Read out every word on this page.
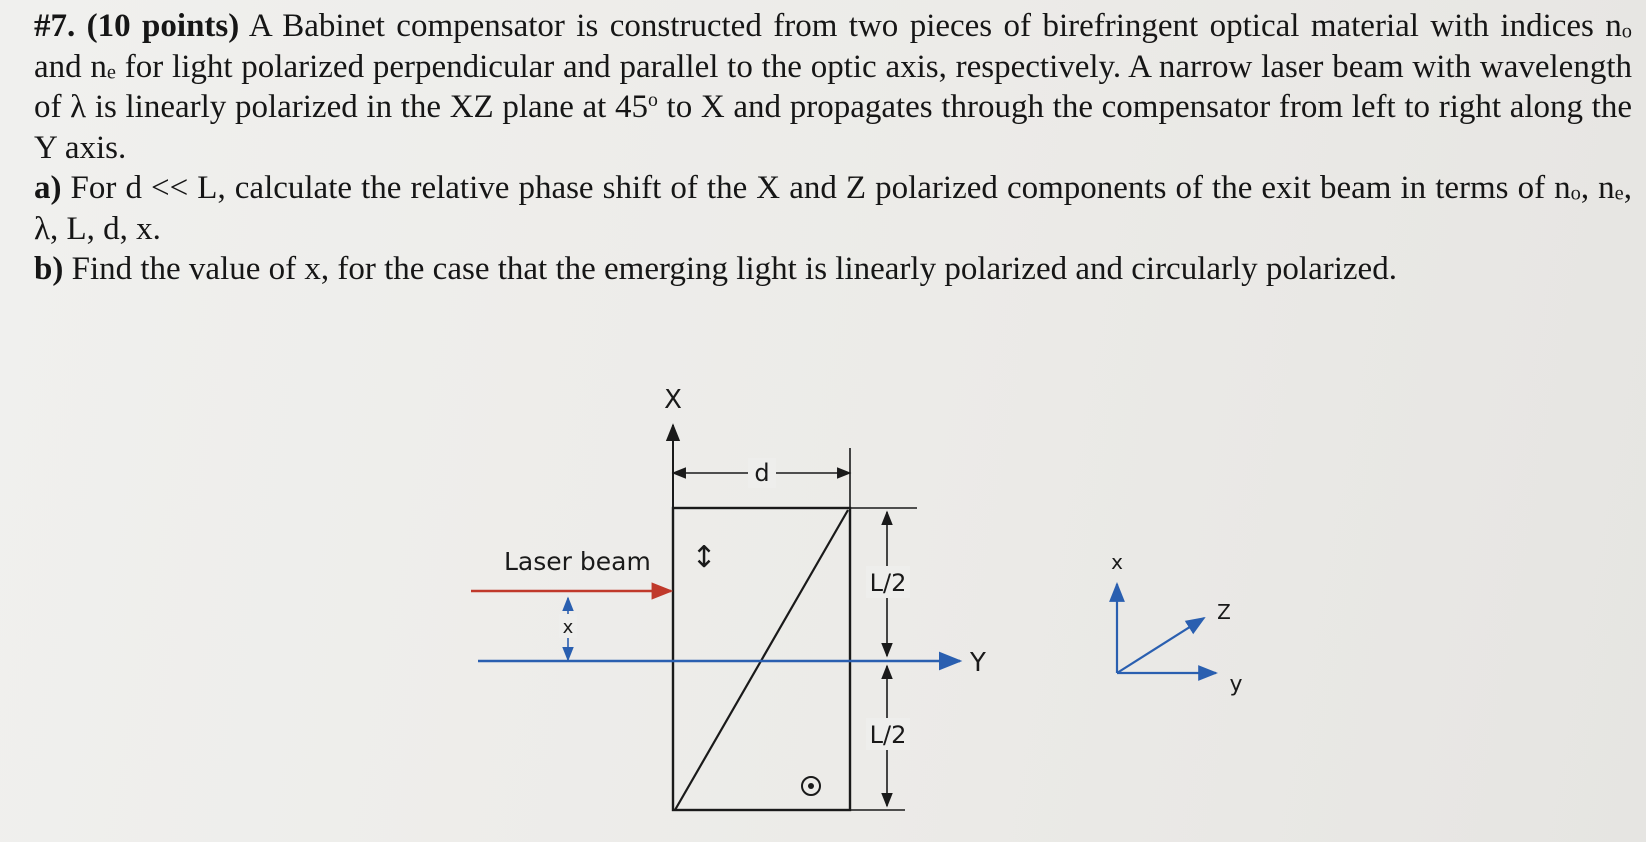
#7. (10 points) A Babinet compensator is constructed from two pieces of birefringent optical material with indices no and ne for light polarized perpendicular and parallel to the optic axis, respectively. A narrow laser beam with wavelength of λ is linearly polarized in the XZ plane at 45$^o$ to X and propagates through the compensator from left to right along the Y axis.

a) For d << L, calculate the relative phase shift of the X and Z polarized components of the exit beam in terms of no, ne, λ, L, d, x.

b) Find the value of x, for the case that the emerging light is linearly polarized and circularly polarized.

X
d
↕
Laser beam
x
Y
L/2
L/2
x
y
Z
